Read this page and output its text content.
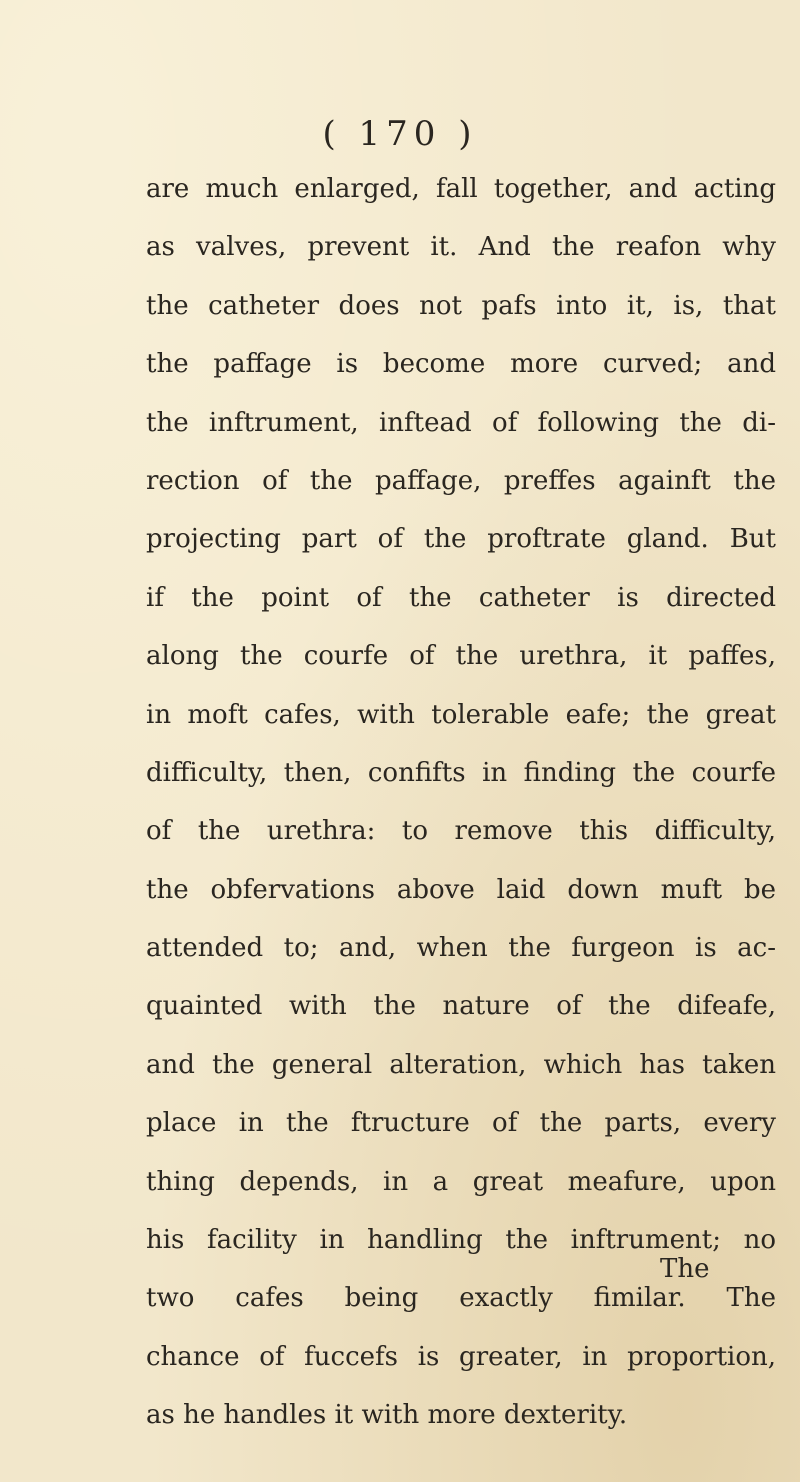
( 170 )
are much enlarged, fall together, and acting
as valves, prevent it. And the reafon why
the catheter does not pafs into it, is, that
the paffage is become more curved; and
the inftrument, inftead of following the di-
rection of the paffage, preffes againft the
projecting part of the proftrate gland. But
if the point of the catheter is directed
along the courfe of the urethra, it paffes,
in moft cafes, with tolerable eafe; the great
difficulty, then, confifts in finding the courfe
of the urethra: to remove this difficulty,
the obfervations above laid down muft be
attended to; and, when the furgeon is ac-
quainted with the nature of the difeafe,
and the general alteration, which has taken
place in the ftructure of the parts, every
thing depends, in a great meafure, upon
his facility in handling the inftrument; no
two cafes being exactly fimilar. The
chance of fuccefs is greater, in proportion,
as he handles it with more dexterity.
The
